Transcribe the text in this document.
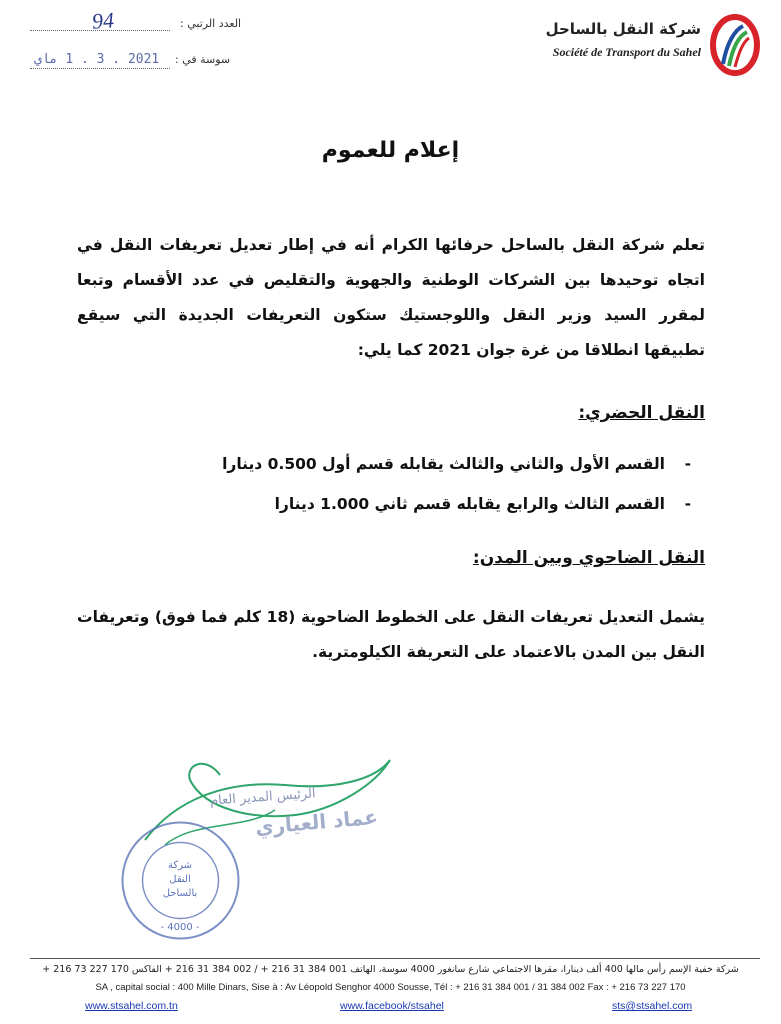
شركة النقل بالساحل
Société de Transport du Sahel
العدد الرتبي :
94
سوسة في :
2021 . 3 . 1 ماي
إعلام للعموم
تعلم شركة النقل بالساحل حرفائها الكرام أنه في إطار تعديل تعريفات النقل في اتجاه توحيدها بين الشركات الوطنية والجهوية والتقليص في عدد الأقسام وتبعا لمقرر السيد وزير النقل واللوجستيك ستكون التعريفات الجديدة التي سيقع تطبيقها انطلاقا من غرة جوان 2021 كما يلي:
النقل الحضري:
-القسم الأول والثاني والثالث يقابله قسم أول 0.500 دينارا
-القسم الثالث والرابع يقابله قسم ثاني 1.000 دينارا
النقل الضاحوي وبين المدن:
يشمل التعديل تعريفات النقل على الخطوط الضاحوية (18 كلم فما فوق) وتعريفات النقل بين المدن بالاعتماد على التعريفة الكيلومترية.
الرئيس المدير العام
عماد العياري
شركة
النقل
بالساحل
- 4000 -
شركة خفية الإسم رأس مالها 400 ألف دينارا، مقرها الاجتماعي شارع سانغور 4000 سوسة، الهاتف 001 384 31 216 + / 002 384 31 216 + الفاكس 170 227 73 216 +
SA , capital social : 400 Mille Dinars, Sise à : Av Léopold Senghor 4000 Sousse, Tél : + 216 31 384 001 / 31 384 002 Fax : + 216 73 227 170
www.stsahel.com.tn	www.facebook/stsahel	sts@stsahel.com
